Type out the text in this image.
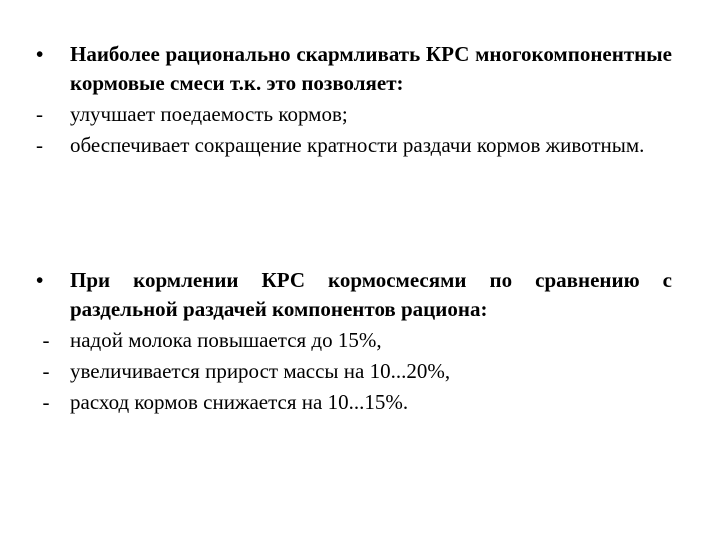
•	Наиболее рационально скармливать КРС многокомпонентные кормовые смеси т.к. это позволяет:
-	улучшает поедаемость кормов;
-	обеспечивает сокращение кратности раздачи кормов животным.
•	При кормлении КРС кормосмесями по сравнению с раздельной раздачей компонентов рациона:
- надой молока повышается до 15%,
- увеличивается прирост массы на 10...20%,
- расход кормов снижается на 10...15%.
